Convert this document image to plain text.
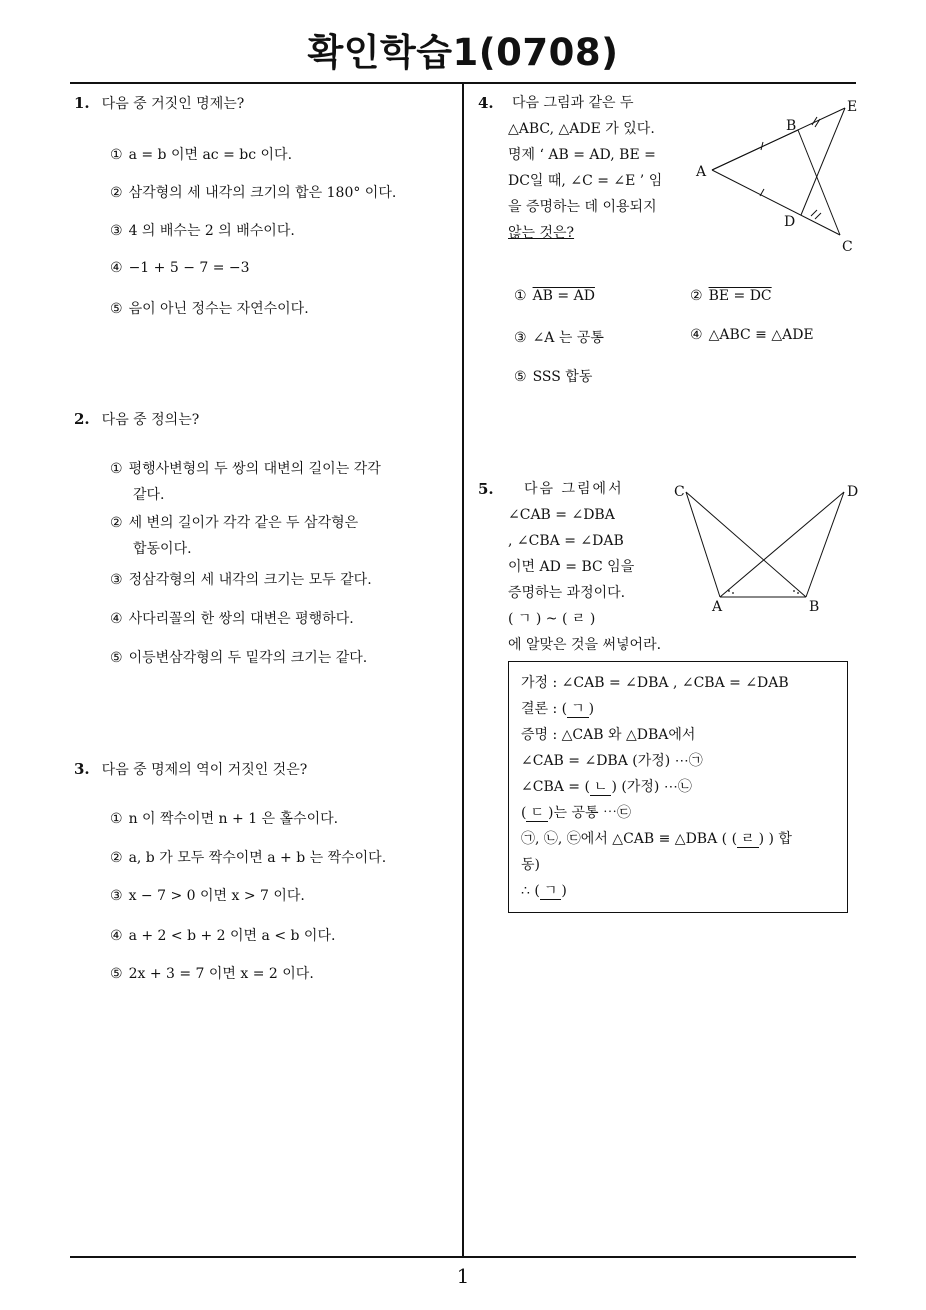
확인학습1(0708)
1
1. 다음 중 거짓인 명제는?
① a = b 이면 ac = bc 이다.
② 삼각형의 세 내각의 크기의 합은 180° 이다.
③ 4 의 배수는 2 의 배수이다.
④ −1 + 5 − 7 = −3
⑤ 음이 아닌 정수는 자연수이다.
2. 다음 중 정의는?
① 평행사변형의 두 쌍의 대변의 길이는 각각
같다.
② 세 변의 길이가 각각 같은 두 삼각형은
합동이다.
③ 정삼각형의 세 내각의 크기는 모두 같다.
④ 사다리꼴의 한 쌍의 대변은 평행하다.
⑤ 이등변삼각형의 두 밑각의 크기는 같다.
3. 다음 중 명제의 역이 거짓인 것은?
① n 이 짝수이면 n + 1 은 홀수이다.
② a, b 가 모두 짝수이면 a + b 는 짝수이다.
③ x − 7 > 0 이면 x > 7 이다.
④ a + 2 < b + 2 이면 a < b 이다.
⑤ 2x + 3 = 7 이면 x = 2 이다.
4.	다음 그림과 같은 두
△ABC, △ADE 가 있다.
명제 ‘ AB = AD, BE =
DC일 때, ∠C = ∠E ’ 임
을 증명하는 데 이용되지
않는 것은?
A
B
C
D
E
① AB = AD	② BE = DC
③ ∠A 는 공통	④ △ABC ≡ △ADE
⑤ SSS 합동
5.	다음 그림에서
∠CAB = ∠DBA
, ∠CBA = ∠DAB
이면 AD = BC 임을
증명하는 과정이다.
( ㄱ ) ~ ( ㄹ )
에 알맞은 것을 써넣어라.
C	D
A	B
가정 : ∠CAB = ∠DBA , ∠CBA = ∠DAB
결론 : ( ㄱ )
증명 : △CAB 와 △DBA에서
∠CAB = ∠DBA (가정) ⋯㉠
∠CBA = ( ㄴ ) (가정) ⋯㉡
( ㄷ )는 공통 ⋯㉢
㉠, ㉡, ㉢에서 △CAB ≡ △DBA ( ( ㄹ ) ) 합
동)
∴ ( ㄱ )
